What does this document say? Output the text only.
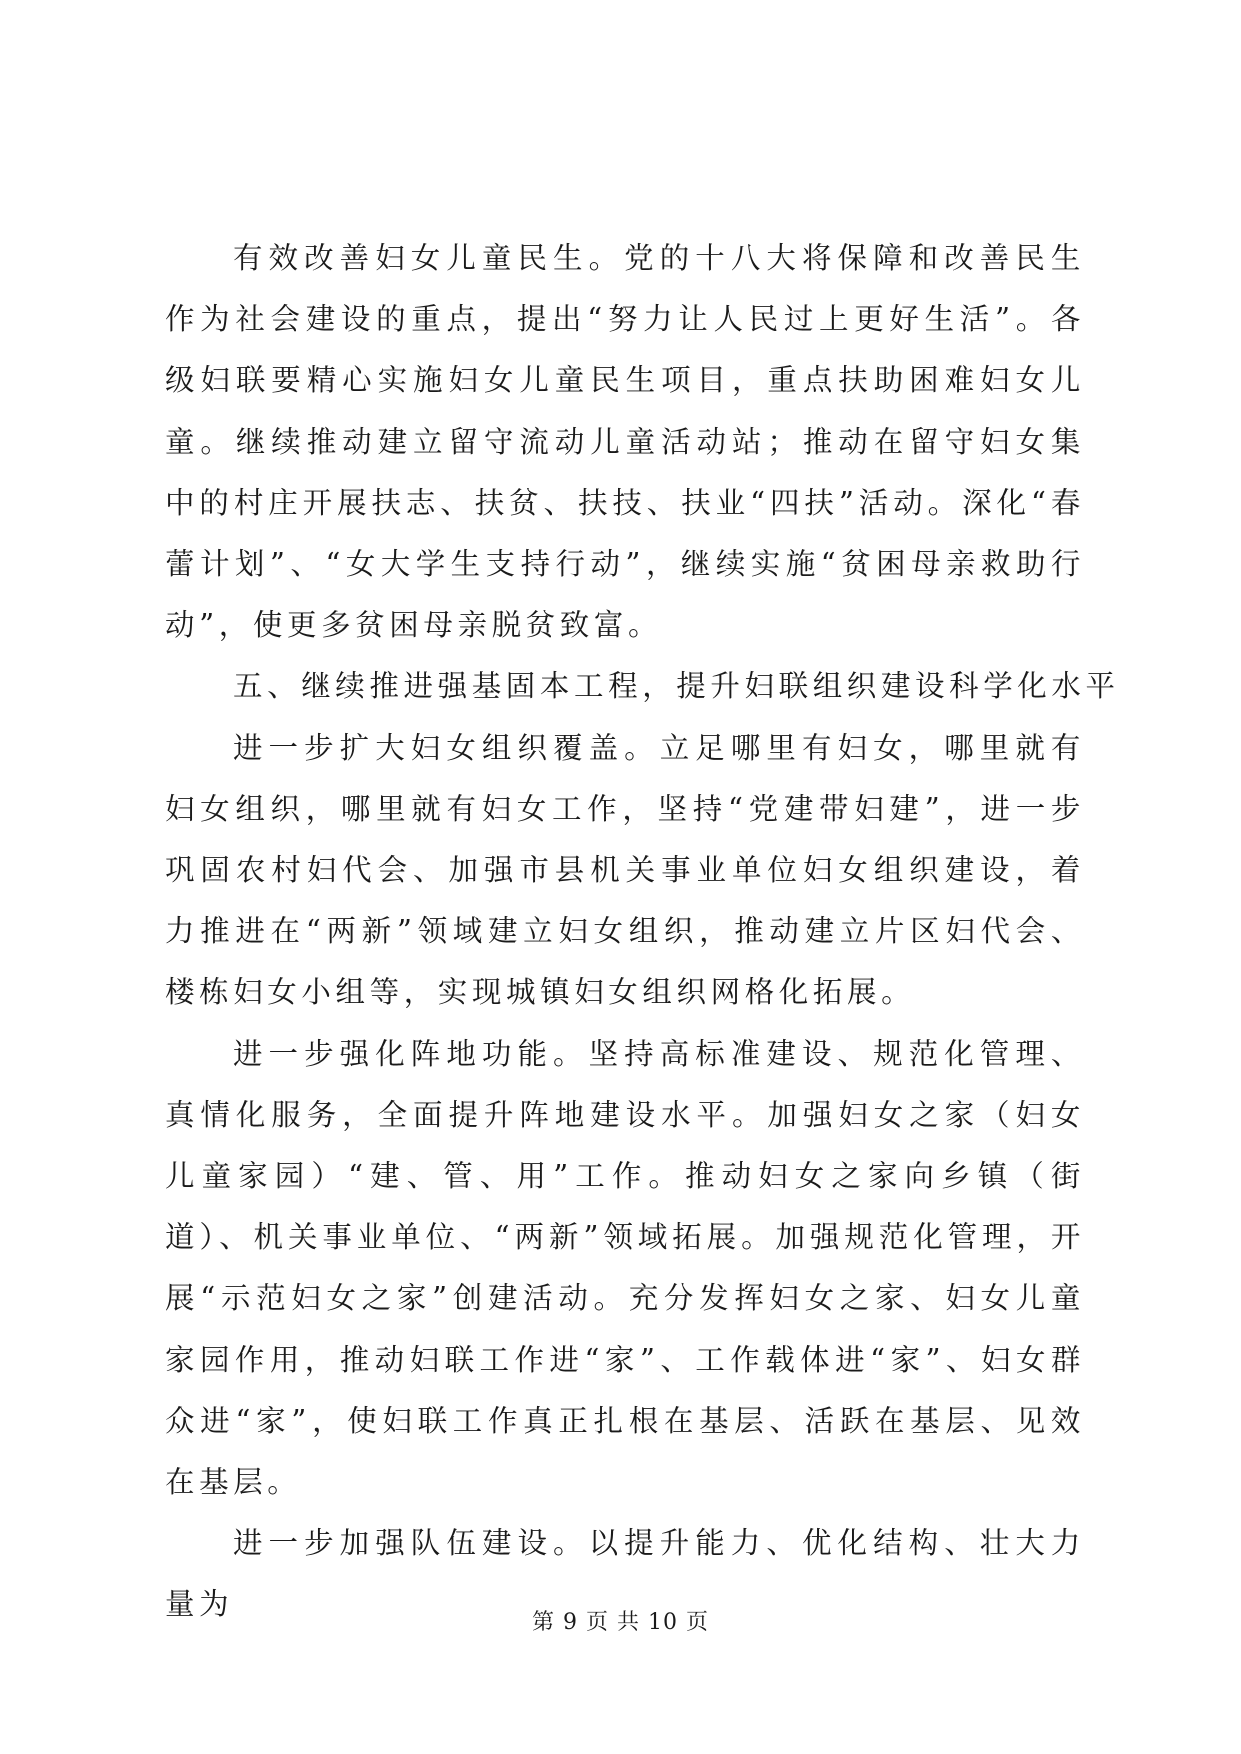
有效改善妇女儿童民生。党的十八大将保障和改善民生作为社会建设的重点，提出“努力让人民过上更好生活”。各级妇联要精心实施妇女儿童民生项目，重点扶助困难妇女儿童。继续推动建立留守流动儿童活动站；推动在留守妇女集中的村庄开展扶志、扶贫、扶技、扶业“四扶”活动。深化“春蕾计划”、“女大学生支持行动”，继续实施“贫困母亲救助行动”，使更多贫困母亲脱贫致富。

五、继续推进强基固本工程，提升妇联组织建设科学化水平

进一步扩大妇女组织覆盖。立足哪里有妇女，哪里就有妇女组织，哪里就有妇女工作，坚持“党建带妇建”，进一步巩固农村妇代会、加强市县机关事业单位妇女组织建设，着力推进在“两新”领域建立妇女组织，推动建立片区妇代会、楼栋妇女小组等，实现城镇妇女组织网格化拓展。

进一步强化阵地功能。坚持高标准建设、规范化管理、真情化服务，全面提升阵地建设水平。加强妇女之家（妇女儿童家园）“建、管、用”工作。推动妇女之家向乡镇（街道）、机关事业单位、“两新”领域拓展。加强规范化管理，开展“示范妇女之家”创建活动。充分发挥妇女之家、妇女儿童家园作用，推动妇联工作进“家”、工作载体进“家”、妇女群众进“家”，使妇联工作真正扎根在基层、活跃在基层、见效在基层。

进一步加强队伍建设。以提升能力、优化结构、壮大力量为

第 9 页 共 10 页
